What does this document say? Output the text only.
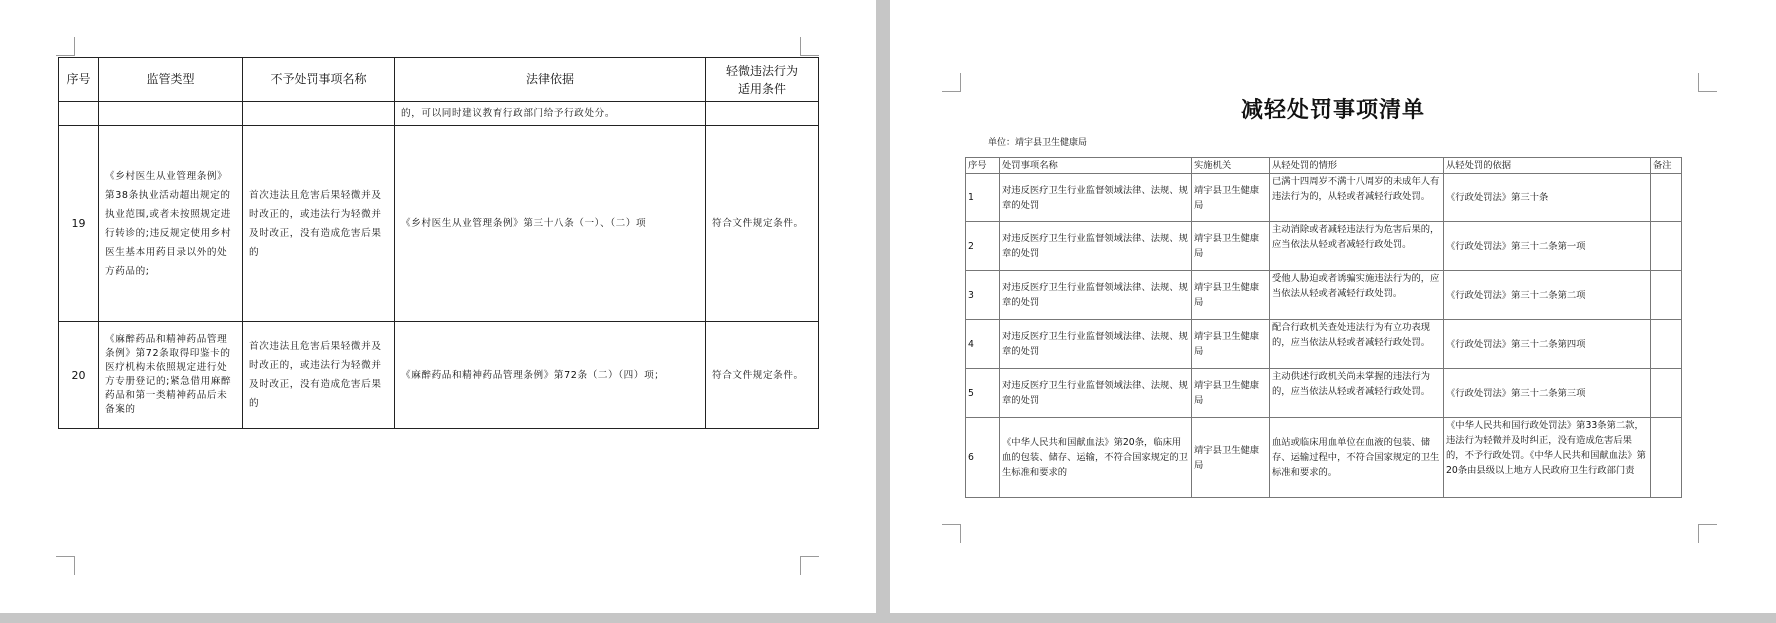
序号	监管类型	不予处罚事项名称	法律依据	轻微违法行为
适用条件
			的，可以同时建议教育行政部门给予行政处分。	
19	《乡村医生从业管理条例》第38条执业活动超出规定的执业范围,或者未按照规定进行转诊的;违反规定使用乡村医生基本用药目录以外的处方药品的;	首次违法且危害后果轻微并及时改正的，或违法行为轻微并及时改正，没有造成危害后果的	《乡村医生从业管理条例》第三十八条（一）、（二）项	符合文件规定条件。
20	《麻醉药品和精神药品管理条例》第72条取得印鉴卡的医疗机构未依照规定进行处方专册登记的;紧急借用麻醉药品和第一类精神药品后未备案的	首次违法且危害后果轻微并及时改正的，或违法行为轻微并及时改正，没有造成危害后果的	《麻醉药品和精神药品管理条例》第72条（二）（四）项；	符合文件规定条件。
减轻处罚事项清单
单位：靖宇县卫生健康局
序号	处罚事项名称	实施机关	从轻处罚的情形	从轻处罚的依据	备注
1	对违反医疗卫生行业监督领域法律、法规、规章的处罚	靖宇县卫生健康局	已满十四周岁不满十八周岁的未成年人有违法行为的，从轻或者减轻行政处罚。	《行政处罚法》第三十条	
2	对违反医疗卫生行业监督领域法律、法规、规章的处罚	靖宇县卫生健康局	主动消除或者减轻违法行为危害后果的，应当依法从轻或者减轻行政处罚。	《行政处罚法》第三十二条第一项	
3	对违反医疗卫生行业监督领域法律、法规、规章的处罚	靖宇县卫生健康局	受他人胁迫或者诱骗实施违法行为的，应当依法从轻或者减轻行政处罚。	《行政处罚法》第三十二条第二项	
4	对违反医疗卫生行业监督领域法律、法规、规章的处罚	靖宇县卫生健康局	配合行政机关查处违法行为有立功表现的，应当依法从轻或者减轻行政处罚。	《行政处罚法》第三十二条第四项	
5	对违反医疗卫生行业监督领域法律、法规、规章的处罚	靖宇县卫生健康局	主动供述行政机关尚未掌握的违法行为的，应当依法从轻或者减轻行政处罚。	《行政处罚法》第三十二条第三项	
6	《中华人民共和国献血法》第20条，临床用血的包装、储存、运输，不符合国家规定的卫生标准和要求的	靖宇县卫生健康局	血站或临床用血单位在血液的包装、储存、运输过程中，不符合国家规定的卫生标准和要求的。	《中华人民共和国行政处罚法》第33条第二款，违法行为轻微并及时纠正，没有造成危害后果的，不予行政处罚。《中华人民共和国献血法》第20条由县级以上地方人民政府卫生行政部门责	
